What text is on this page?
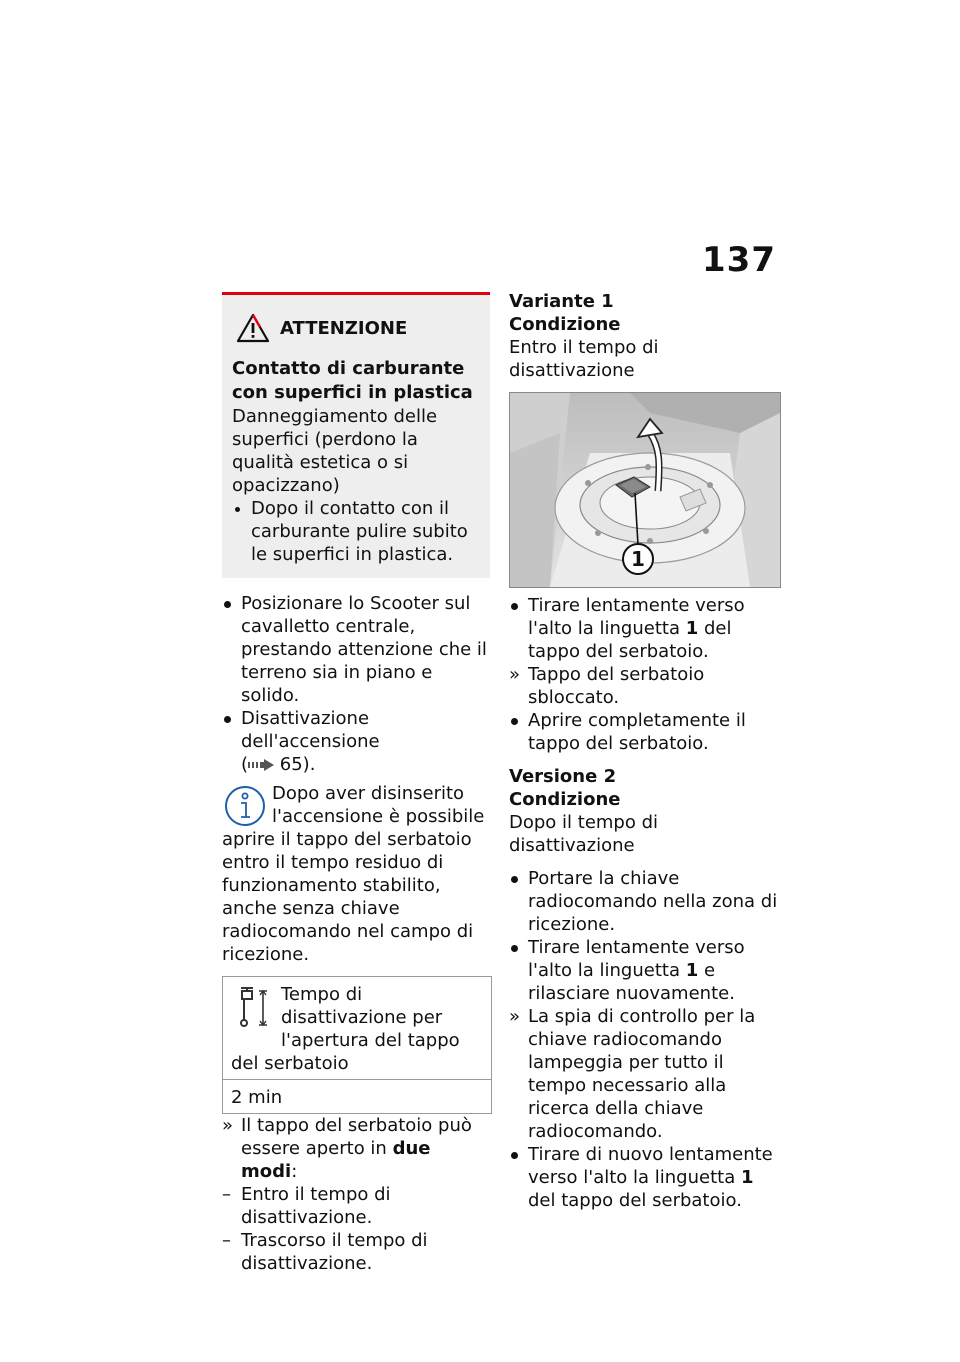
137
ATTENZIONE
Contatto di carburante con superfici in plastica

Danneggiamento delle superfici (perdono la qualità estetica o si opacizzano)

Dopo il contatto con il carburante pulire subito le superfici in plastica.
Posizionare lo Scooter sul cavalletto centrale, prestando attenzione che il terreno sia in piano e solido.
Disattivazione dell'accensione
( 65).
Dopo aver disinserito l'accensione è possibile aprire il tappo del serbatoio entro il tempo residuo di funzionamento stabilito, anche senza chiave radiocomando nel campo di ricezione.
Tempo di disattivazione per l'apertura del tappo del serbatoio
2 min
» Il tappo del serbatoio può essere aperto in due modi:
– Entro il tempo di disattivazione.
– Trascorso il tempo di disattivazione.
Variante 1
Condizione
Entro il tempo di disattivazione
1
Tirare lentamente verso l'alto la linguetta 1 del tappo del serbatoio.
» Tappo del serbatoio sbloccato.
Aprire completamente il tappo del serbatoio.
Versione 2
Condizione
Dopo il tempo di disattivazione
Portare la chiave radiocomando nella zona di ricezione.
Tirare lentamente verso l'alto la linguetta 1 e rilasciare nuovamente.
» La spia di controllo per la chiave radiocomando lampeggia per tutto il tempo necessario alla ricerca della chiave radiocomando.
Tirare di nuovo lentamente verso l'alto la linguetta 1 del tappo del serbatoio.
